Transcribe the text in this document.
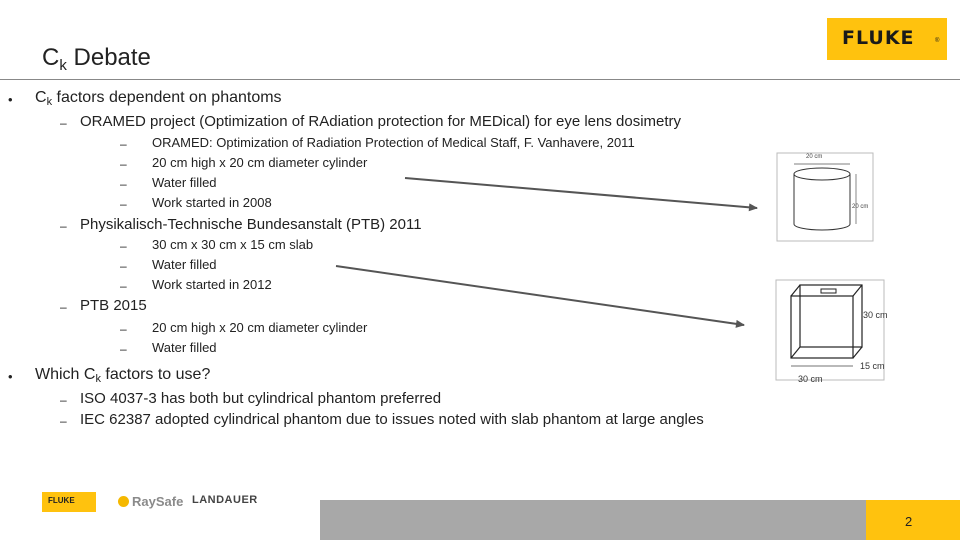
$C_k$ Debate
FLUKE	®
• $C_k$ factors dependent on phantoms
– ORAMED project (Optimization of RAdiation protection for MEDical) for eye lens dosimetry
– ORAMED: Optimization of Radiation Protection of Medical Staff, F. Vanhavere, 2011
– 20 cm high x 20 cm diameter cylinder
– Water filled
– Work started in 2008
– Physikalisch-Technische Bundesanstalt (PTB) 2011
– 30 cm x 30 cm x 15 cm slab
– Water filled
– Work started in 2012
– PTB 2015
– 20 cm high x 20 cm diameter cylinder
– Water filled
• Which $C_k$ factors to use?
– ISO 4037-3 has both but cylindrical phantom preferred
– IEC 62387 adopted cylindrical phantom due to issues noted with slab phantom at large angles
20 cm
20 cm
30 cm
15 cm
30 cm
FLUKE	RaySafe LANDAUER
2
